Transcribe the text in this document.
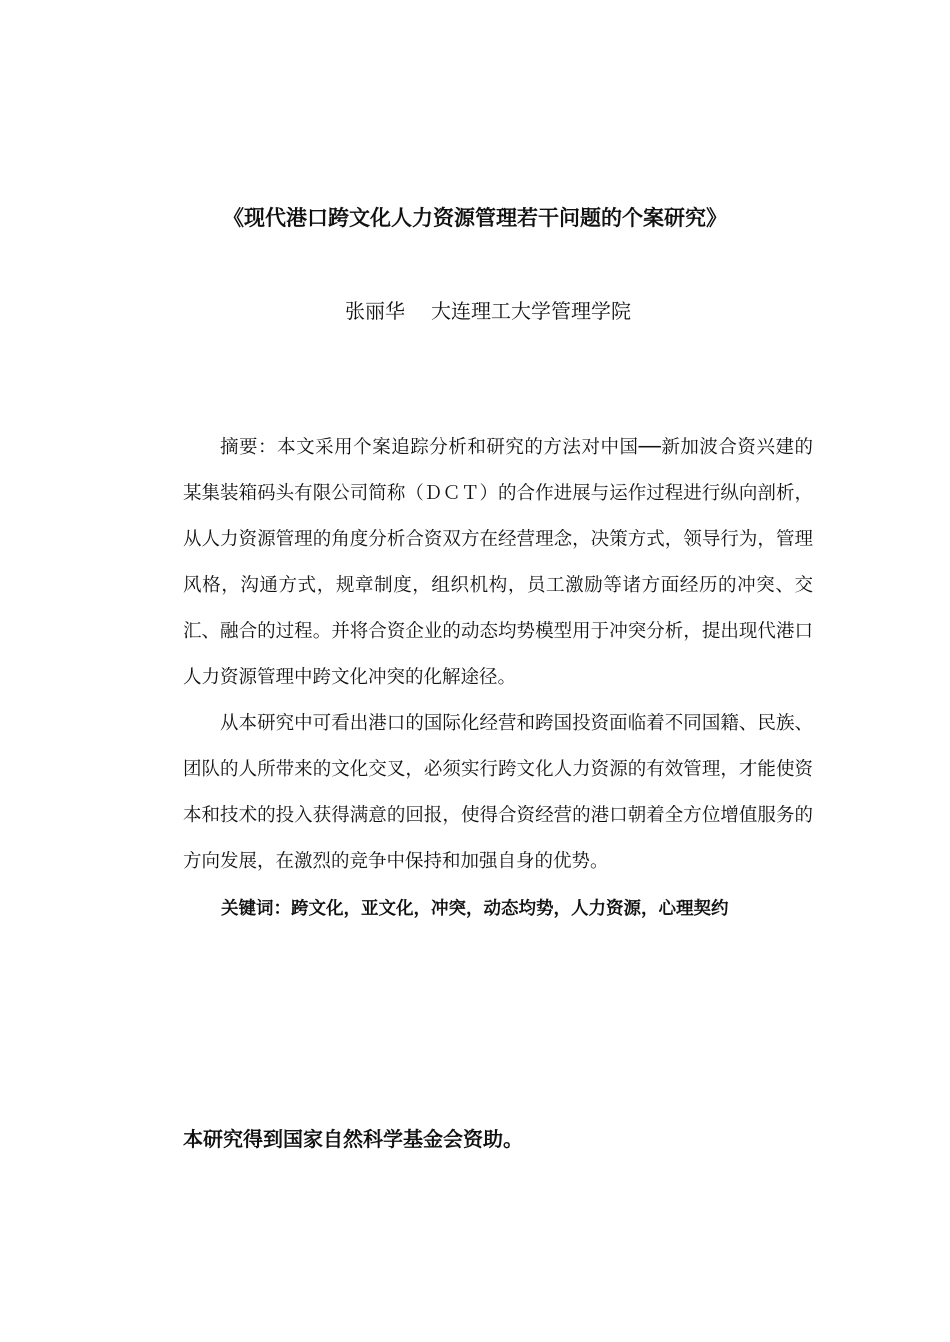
《现代港口跨文化人力资源管理若干问题的个案研究》
张丽华 大连理工大学管理学院

摘要：本文采用个案追踪分析和研究的方法对中国──新加波合资兴建的某集装箱码头有限公司简称（ＤＣＴ）的合作进展与运作过程进行纵向剖析，从人力资源管理的角度分析合资双方在经营理念，决策方式，领导行为，管理风格，沟通方式，规章制度，组织机构，员工激励等诸方面经历的冲突、交汇、融合的过程。并将合资企业的动态均势模型用于冲突分析，提出现代港口人力资源管理中跨文化冲突的化解途径。

从本研究中可看出港口的国际化经营和跨国投资面临着不同国籍、民族、团队的人所带来的文化交叉，必须实行跨文化人力资源的有效管理，才能使资本和技术的投入获得满意的回报，使得合资经营的港口朝着全方位增值服务的方向发展，在激烈的竞争中保持和加强自身的优势。

关键词：跨文化，亚文化，冲突，动态均势，人力资源，心理契约
本研究得到国家自然科学基金会资助。
